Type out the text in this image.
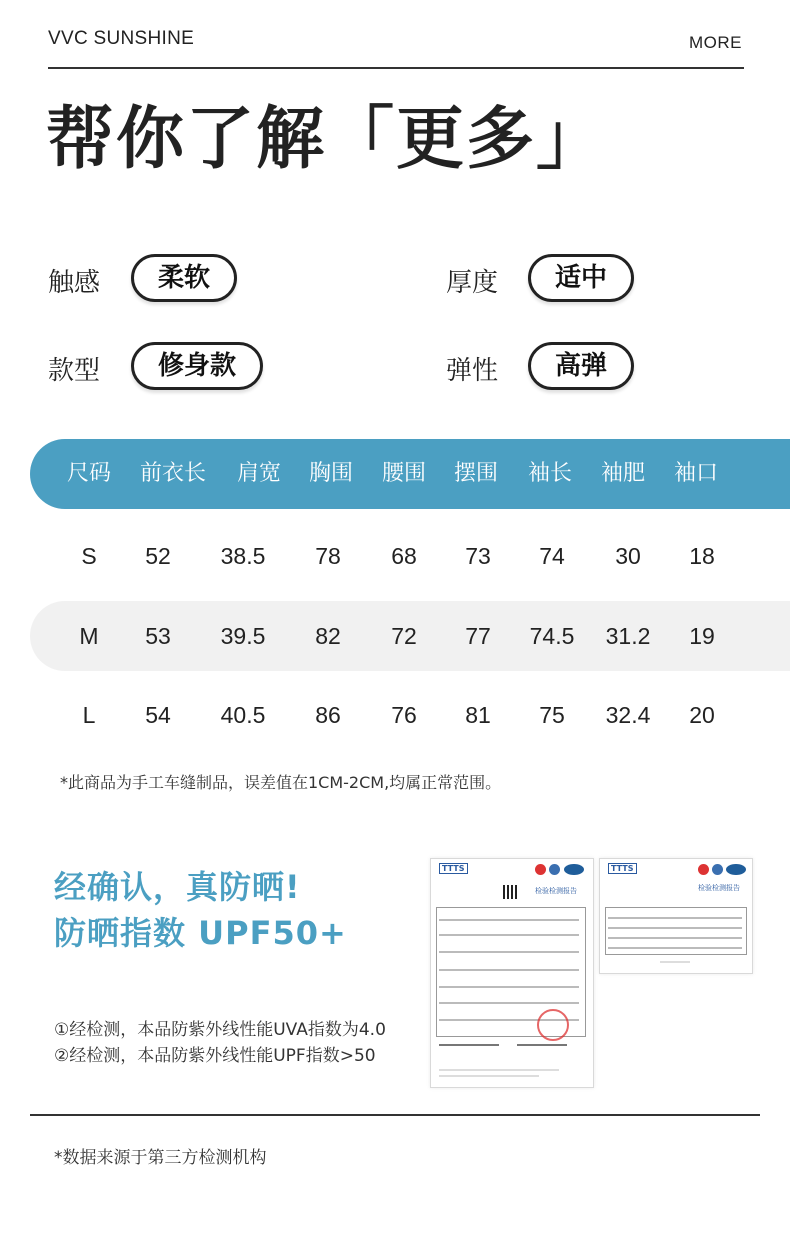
VVC SUNSHINE	MORE
帮你了解「更多」
触感	柔软	厚度	适中
款型	修身款	弹性	高弹
尺码 前衣长 肩宽 胸围 腰围 摆围 袖长 袖肥 袖口
S 52 38.5 78 68 73 74 30 18
M 53 39.5 82 72 77 74.5 31.2 19
L 54 40.5 86 76 81 75 32.4 20
*此商品为手工车缝制品，误差值在1CM-2CM,均属正常范围。
经确认，真防晒!
防晒指数 UPF50+
①经检测，本品防紫外线性能UVA指数为4.0
②经检测，本品防紫外线性能UPF指数>50
TTTS
检验检测报告
TTTS
检验检测报告
*数据来源于第三方检测机构
